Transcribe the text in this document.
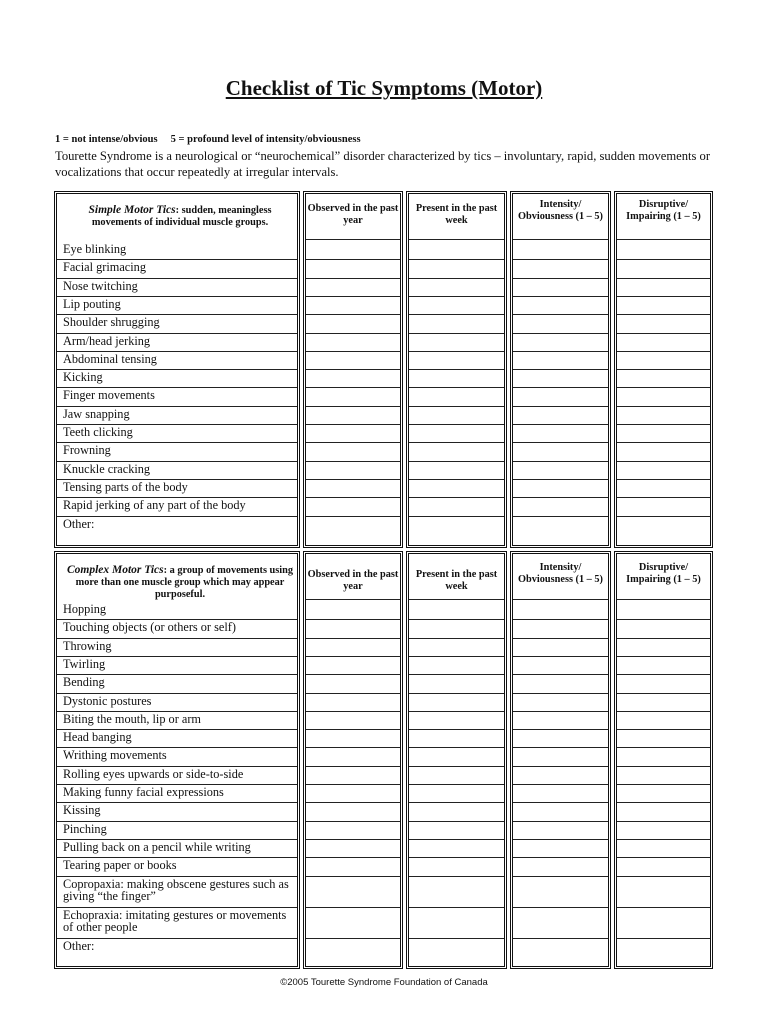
Checklist of Tic Symptoms (Motor)
1 = not intense/obvious     5 = profound level of intensity/obviousness
Tourette Syndrome is a neurological or “neurochemical” disorder characterized by tics – involuntary, rapid, sudden movements or vocalizations that occur repeatedly at irregular intervals.
Simple Motor Tics: sudden, meaningless movements of individual muscle groups.
Eye blinking
Facial grimacing
Nose twitching
Lip pouting
Shoulder shrugging
Arm/head jerking
Abdominal tensing
Kicking
Finger movements
Jaw snapping
Teeth clicking
Frowning
Knuckle cracking
Tensing parts of the body
Rapid jerking of any part of the body
Other:
Observed in the past year
Present in the past week
Intensity/ Obviousness (1 – 5)
Disruptive/ Impairing (1 – 5)
Complex Motor Tics: a group of movements using more than one muscle group which may appear purposeful.
Hopping
Touching objects (or others or self)
Throwing
Twirling
Bending
Dystonic postures
Biting the mouth, lip or arm
Head banging
Writhing movements
Rolling eyes upwards or side-to-side
Making funny facial expressions
Kissing
Pinching
Pulling back on a pencil while writing
Tearing paper or books
Copropaxia: making obscene gestures such as giving “the finger”
Echopraxia: imitating gestures or movements of other people
Other:
Observed in the past year
Present in the past week
Intensity/ Obviousness (1 – 5)
Disruptive/ Impairing (1 – 5)
©2005 Tourette Syndrome Foundation of Canada
